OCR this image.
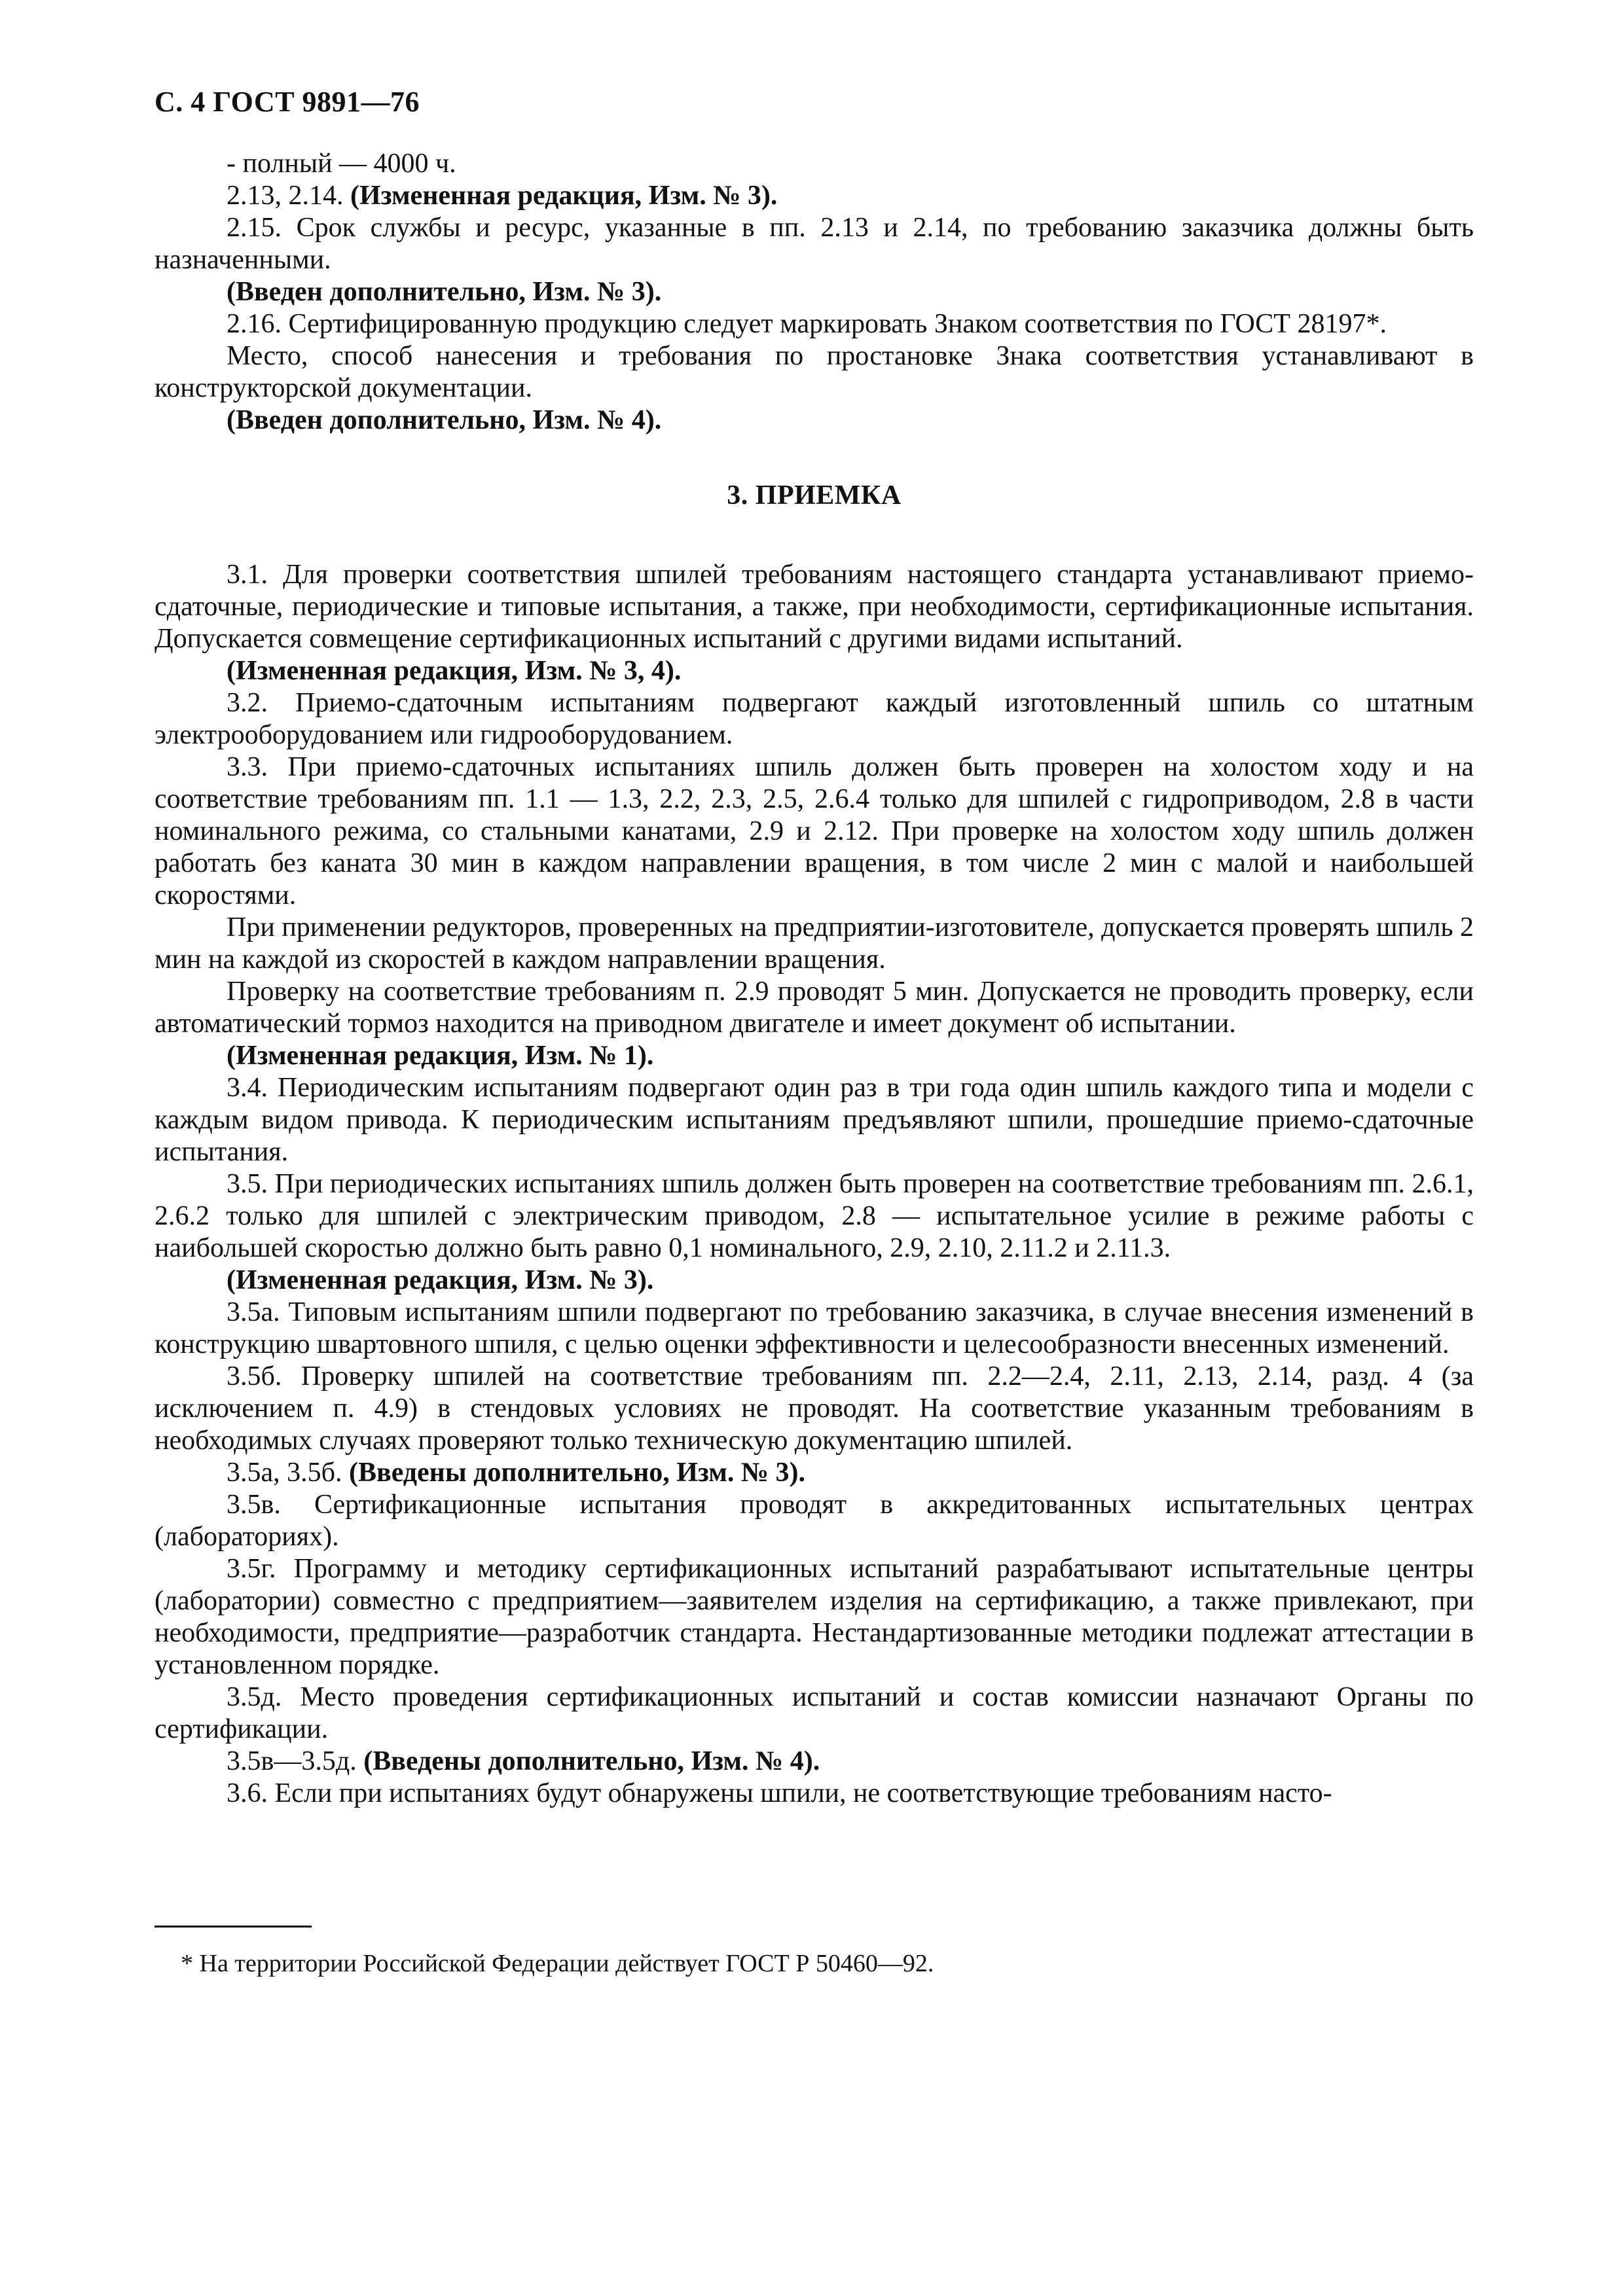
С. 4 ГОСТ 9891—76

- полный — 4000 ч.

2.13, 2.14. (Измененная редакция, Изм. № 3).

2.15. Срок службы и ресурс, указанные в пп. 2.13 и 2.14, по требованию заказчика должны быть назначенными.

(Введен дополнительно, Изм. № 3).

2.16. Сертифицированную продукцию следует маркировать Знаком соответствия по ГОСТ 28197*.

Место, способ нанесения и требования по простановке Знака соответствия устанавливают в конструкторской документации.

(Введен дополнительно, Изм. № 4).

3. ПРИЕМКА

3.1. Для проверки соответствия шпилей требованиям настоящего стандарта устанавливают приемо-сдаточные, периодические и типовые испытания, а также, при необходимости, сертификационные испытания. Допускается совмещение сертификационных испытаний с другими видами испытаний.

(Измененная редакция, Изм. № 3, 4).

3.2. Приемо-сдаточным испытаниям подвергают каждый изготовленный шпиль со штатным электрооборудованием или гидрооборудованием.

3.3. При приемо-сдаточных испытаниях шпиль должен быть проверен на холостом ходу и на соответствие требованиям пп. 1.1 — 1.3, 2.2, 2.3, 2.5, 2.6.4 только для шпилей с гидроприводом, 2.8 в части номинального режима, со стальными канатами, 2.9 и 2.12. При проверке на холостом ходу шпиль должен работать без каната 30 мин в каждом направлении вращения, в том числе 2 мин с малой и наибольшей скоростями.

При применении редукторов, проверенных на предприятии-изготовителе, допускается проверять шпиль 2 мин на каждой из скоростей в каждом направлении вращения.

Проверку на соответствие требованиям п. 2.9 проводят 5 мин. Допускается не проводить проверку, если автоматический тормоз находится на приводном двигателе и имеет документ об испытании.

(Измененная редакция, Изм. № 1).

3.4. Периодическим испытаниям подвергают один раз в три года один шпиль каждого типа и модели с каждым видом привода. К периодическим испытаниям предъявляют шпили, прошедшие приемо-сдаточные испытания.

3.5. При периодических испытаниях шпиль должен быть проверен на соответствие требованиям пп. 2.6.1, 2.6.2 только для шпилей с электрическим приводом, 2.8 — испытательное усилие в режиме работы с наибольшей скоростью должно быть равно 0,1 номинального, 2.9, 2.10, 2.11.2 и 2.11.3.

(Измененная редакция, Изм. № 3).

3.5а. Типовым испытаниям шпили подвергают по требованию заказчика, в случае внесения изменений в конструкцию швартовного шпиля, с целью оценки эффективности и целесообразности внесенных изменений.

3.5б. Проверку шпилей на соответствие требованиям пп. 2.2—2.4, 2.11, 2.13, 2.14, разд. 4 (за исключением п. 4.9) в стендовых условиях не проводят. На соответствие указанным требованиям в необходимых случаях проверяют только техническую документацию шпилей.

3.5а, 3.5б. (Введены дополнительно, Изм. № 3).

3.5в. Сертификационные испытания проводят в аккредитованных испытательных центрах (лабораториях).

3.5г. Программу и методику сертификационных испытаний разрабатывают испытательные центры (лаборатории) совместно с предприятием—заявителем изделия на сертификацию, а также привлекают, при необходимости, предприятие—разработчик стандарта. Нестандартизованные методики подлежат аттестации в установленном порядке.

3.5д. Место проведения сертификационных испытаний и состав комиссии назначают Органы по сертификации.

3.5в—3.5д. (Введены дополнительно, Изм. № 4).

3.6. Если при испытаниях будут обнаружены шпили, не соответствующие требованиям насто-

* На территории Российской Федерации действует ГОСТ Р 50460—92.
